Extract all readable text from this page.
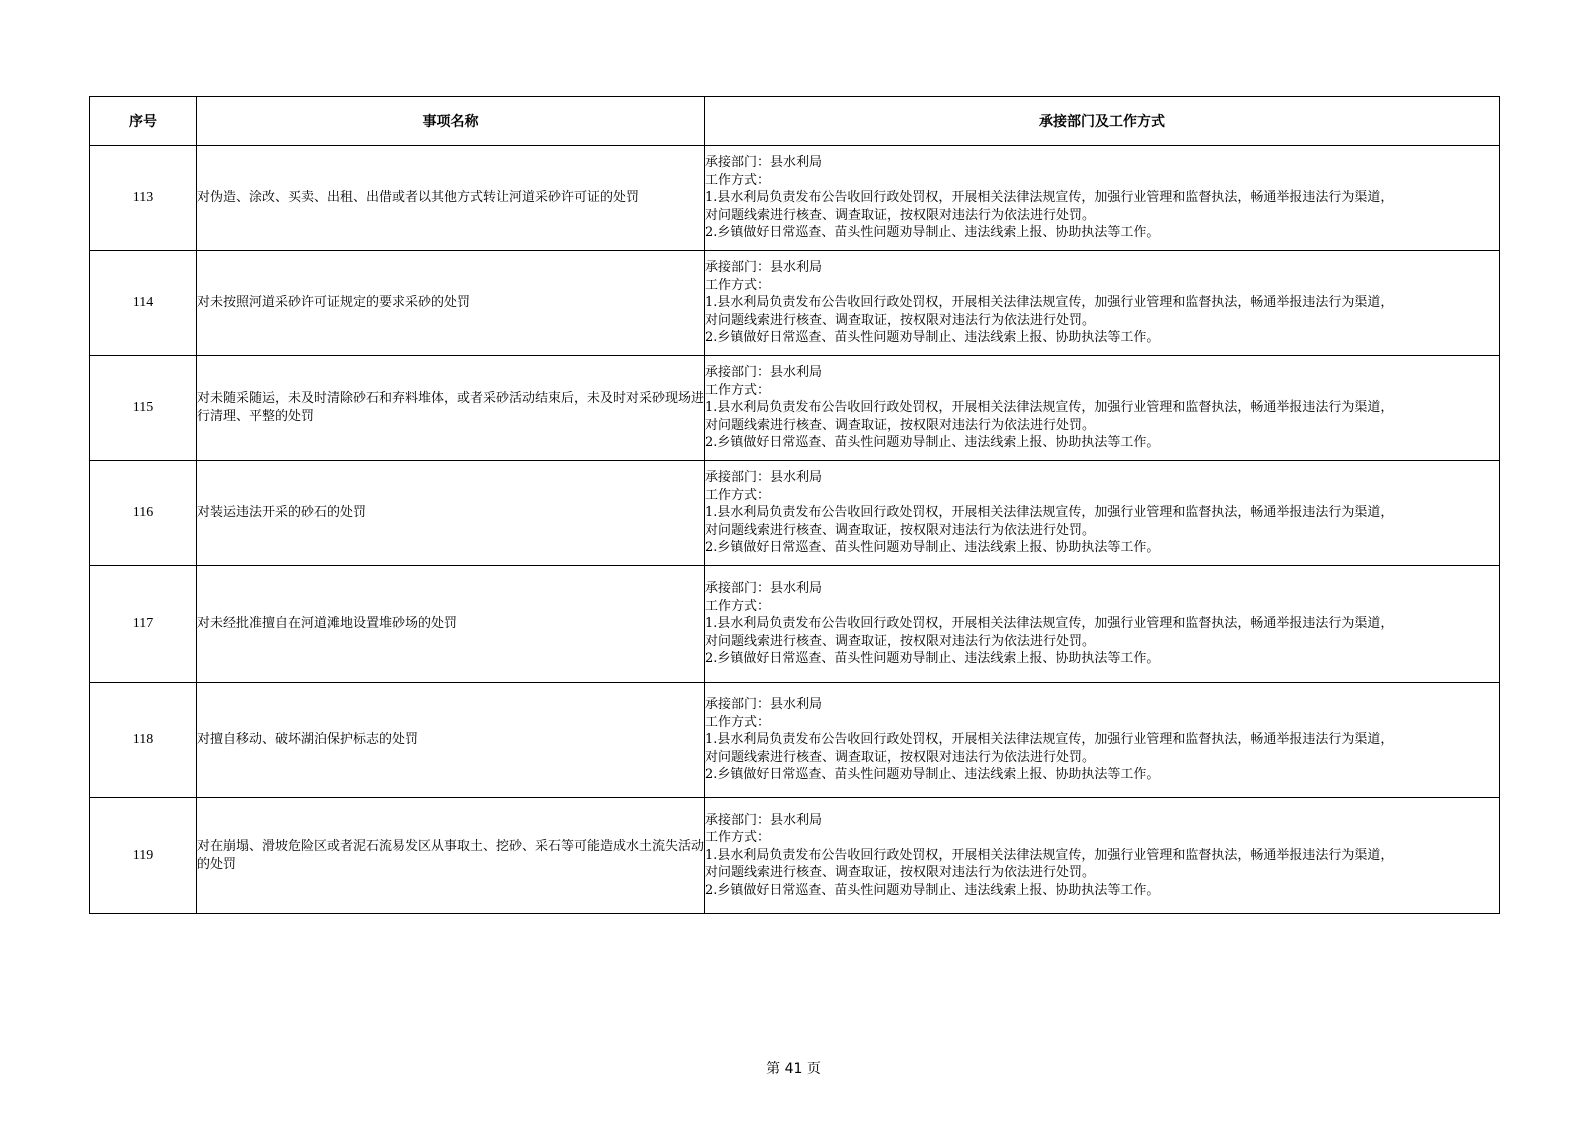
序号	事项名称	承接部门及工作方式
113	对伪造、涂改、买卖、出租、出借或者以其他方式转让河道采砂许可证的处罚	承接部门：县水利局
工作方式：
1.县水利局负责发布公告收回行政处罚权，开展相关法律法规宣传，加强行业管理和监督执法，畅通举报违法行为渠道，
对问题线索进行核查、调查取证，按权限对违法行为依法进行处罚。
2.乡镇做好日常巡查、苗头性问题劝导制止、违法线索上报、协助执法等工作。

114	对未按照河道采砂许可证规定的要求采砂的处罚	承接部门：县水利局
工作方式：
1.县水利局负责发布公告收回行政处罚权，开展相关法律法规宣传，加强行业管理和监督执法，畅通举报违法行为渠道，
对问题线索进行核查、调查取证，按权限对违法行为依法进行处罚。
2.乡镇做好日常巡查、苗头性问题劝导制止、违法线索上报、协助执法等工作。

115	对未随采随运，未及时清除砂石和弃料堆体，或者采砂活动结束后，未及时对采砂现场进行清理、平整的处罚	承接部门：县水利局
工作方式：
1.县水利局负责发布公告收回行政处罚权，开展相关法律法规宣传，加强行业管理和监督执法，畅通举报违法行为渠道，
对问题线索进行核查、调查取证，按权限对违法行为依法进行处罚。
2.乡镇做好日常巡查、苗头性问题劝导制止、违法线索上报、协助执法等工作。

116	对装运违法开采的砂石的处罚	承接部门：县水利局
工作方式：
1.县水利局负责发布公告收回行政处罚权，开展相关法律法规宣传，加强行业管理和监督执法，畅通举报违法行为渠道，
对问题线索进行核查、调查取证，按权限对违法行为依法进行处罚。
2.乡镇做好日常巡查、苗头性问题劝导制止、违法线索上报、协助执法等工作。

117	对未经批准擅自在河道滩地设置堆砂场的处罚	承接部门：县水利局
工作方式：
1.县水利局负责发布公告收回行政处罚权，开展相关法律法规宣传，加强行业管理和监督执法，畅通举报违法行为渠道，
对问题线索进行核查、调查取证，按权限对违法行为依法进行处罚。
2.乡镇做好日常巡查、苗头性问题劝导制止、违法线索上报、协助执法等工作。

118	对擅自移动、破坏湖泊保护标志的处罚	承接部门：县水利局
工作方式：
1.县水利局负责发布公告收回行政处罚权，开展相关法律法规宣传，加强行业管理和监督执法，畅通举报违法行为渠道，
对问题线索进行核查、调查取证，按权限对违法行为依法进行处罚。
2.乡镇做好日常巡查、苗头性问题劝导制止、违法线索上报、协助执法等工作。

119	对在崩塌、滑坡危险区或者泥石流易发区从事取土、挖砂、采石等可能造成水土流失活动的处罚	承接部门：县水利局
工作方式：
1.县水利局负责发布公告收回行政处罚权，开展相关法律法规宣传，加强行业管理和监督执法，畅通举报违法行为渠道，
对问题线索进行核查、调查取证，按权限对违法行为依法进行处罚。
2.乡镇做好日常巡查、苗头性问题劝导制止、违法线索上报、协助执法等工作。
第 41 页
